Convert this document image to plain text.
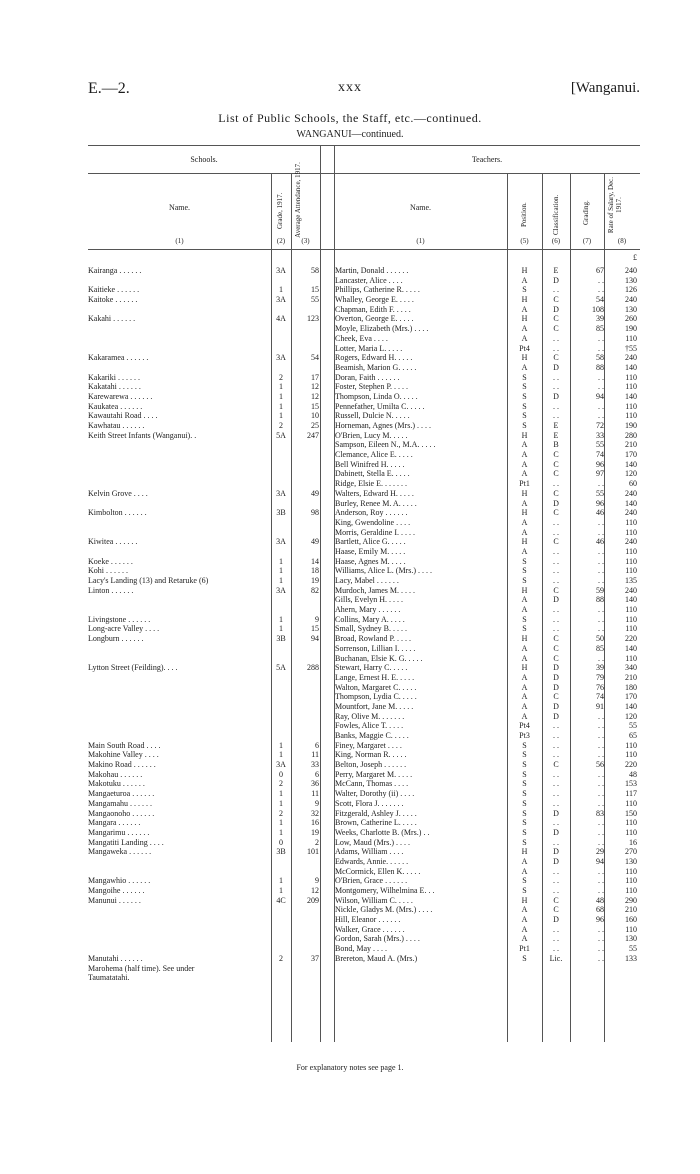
E.—2.	xxx	[Wanganui.
List of Public Schools, the Staff, etc.—continued.
WANGANUI—continued.
Schools.	Teachers.
Name.	Grade, 1917. Average Attendance, 1917.	Name.	Position.	Classification.	Grading. Rate of Salary, Dec. 1917.
(1)	(2)	(3)	(1)	(5)	(6)	(7)	(8)
£
Kairanga . . . . . .	3A	58 Martin, Donald . . . . . .	H	E	67	240
Lancaster, Alice . . . .	A	D	. .	130
Kaitieke . . . . . .	1	15 Phillips, Catherine R. . . . .	S	. .	. .	126
Kaitoke . . . . . .	3A	55 Whalley, George E. . . . .	H	C	54	240
Chapman, Edith F. . . . .	A	D	108	130
Kakahi . . . . . .	4A	123 Overton, George E. . . . .	H	C	39	260
Moyle, Elizabeth (Mrs.) . . . .	A	C	85	190
Cheek, Eva . . . .	A	. .	. .	110
Lotter, Maria L. . . . .	Pt4	. .	. .	†55
Kakaramea . . . . . .	3A	54 Rogers, Edward H. . . . .	H	C	58	240
Beamish, Marion G. . . . .	A	D	88	140
Kakariki . . . . . .	2	17 Doran, Faith . . . . . .	S	. .	. .	110
Kakatahi . . . . . .	1	12 Foster, Stephen P. . . . .	S	. .	. .	110
Karewarewa . . . . . .	1	12 Thompson, Linda O. . . . .	S	D	94	140
Kaukatea . . . . . .	1	15 Pennefather, Umilta C. . . . .	S	. .	. .	110
Kawautahi Road . . . .	1	10 Russell, Dulcie N. . . . .	S	. .	. .	110
Kawhatau . . . . . .	2	25 Horneman, Agnes (Mrs.) . . . .	S	E	72	190
Keith Street Infants (Wanganui). .	5A	247 O'Brien, Lucy M. . . . .	H	E	33	280
Sampson, Eileen N., M.A. . . . .	A	B	55	210
Clemance, Alice E. . . . .	A	C	74	170
Bell Winifred H. . . . .	A	C	96	140
Dabinett, Stella E. . . . .	A	C	97	120
Ridge, Elsie E. . . . . . .	Pt1	. .	. .	60
Kelvin Grove . . . .	3A	49 Walters, Edward H. . . . .	H	C	55	240
Burley, Renee M. A. . . . .	A	D	96	140
Kimbolton . . . . . .	3B	98 Anderson, Roy . . . . . .	H	C	46	240
King, Gwendoline . . . .	A	. .	. .	110
Morris, Geraldine I. . . . .	A	. .	. .	110
Kiwitea . . . . . .	3A	49 Bartlett, Alice G. . . . .	H	C	46	240
Haase, Emily M. . . . .	A	. .	. .	110
Koeke . . . . . .	1	14 Haase, Agnes M. . . . .	S	. .	. .	110
Kohi . . . . . .	1	18 Williams, Alice L. (Mrs.) . . . .	S	. .	. .	110
Lacy's Landing (13) and Retaruke (6)	1	19 Lacy, Mabel . . . . . .	S	. .	. .	135
Linton . . . . . .	3A	82 Murdoch, James M. . . . .	H	C	59	240
Gills, Evelyn H. . . . .	A	D	88	140
Ahern, Mary . . . . . .	A	. .	. .	110
Livingstone . . . . . .	1	9 Collins, Mary A. . . . .	S	. .	. .	110
Long-acre Valley . . . .	1	15 Small, Sydney B. . . . .	S	. .	. .	110
Longburn . . . . . .	3B	94 Broad, Rowland P. . . . .	H	C	50	220
Sorrenson, Lillian I. . . . .	A	C	85	140
Buchanan, Elsie K. G. . . . .	A	C	. .	110
Lytton Street (Feilding). . . .	5A	288 Stewart, Harry C. . . . .	H	D	39	340
Lange, Ernest H. E. . . . .	A	D	79	210
Walton, Margaret C. . . . .	A	D	76	180
Thompson, Lydia C. . . . .	A	C	74	170
Mountfort, Jane M. . . . .	A	D	91	140
Ray, Olive M. . . . . . .	A	D	. .	120
Fowles, Alice T. . . . .	Pt4	. .	. .	55
Banks, Maggie C. . . . .	Pt3	. .	. .	65
Main South Road . . . .	1	6 Finey, Margaret . . . .	S	. .	. .	110
Makohine Valley . . . .	1	11 King, Norman R. . . . .	S	. .	. .	110
Makino Road . . . . . .	3A	33 Belton, Joseph . . . . . .	S	C	56	220
Makohau . . . . . .	0	6 Perry, Margaret M. . . . .	S	. .	. .	48
Makotuku . . . . . .	2	36 McCann, Thomas . . . .	S	. .	. .	153
Mangaeturoa . . . . . .	1	11 Walter, Dorothy (ii) . . . .	S	. .	. .	117
Mangamahu . . . . . .	1	9 Scott, Flora J. . . . . . .	S	. .	. .	110
Mangaonoho . . . . . .	2	32 Fitzgerald, Ashley J. . . . .	S	D	83	150
Mangara . . . . . .	1	16 Brown, Catherine L. . . . .	S	. .	. .	110
Mangarimu . . . . . .	1	19 Weeks, Charlotte B. (Mrs.) . .	S	D	. .	110
Mangatiti Landing . . . .	0	2 Low, Maud (Mrs.) . . . .	S	. .	. .	16
Mangaweka . . . . . .	3B	101 Adams, William . . . .	H	D	29	270
Edwards, Annie. . . . . .	A	D	94	130
McCormick, Ellen K. . . . .	A	. .	. .	110
Mangawhio . . . . . .	1	9 O'Brien, Grace . . . . . .	S	. .	. .	110
Mangoihe . . . . . .	1	12 Montgomery, Wilhelmina E. . .	S	. .	. .	110
Manunui . . . . . .	4C	209 Wilson, William C. . . . .	H	C	48	290
Nickle, Gladys M. (Mrs.) . . . .	A	C	68	210
Hill, Eleanor . . . . . .	A	D	96	160
Walker, Grace . . . . . .	A	. .	. .	110
Gordon, Sarah (Mrs.) . . . .	A	. .	. .	130
Bond, May . . . .	Pt1	. .	. .	55
Manutahi . . . . . .	2	37 Brereton, Maud A. (Mrs.)	S	Lic.	. .	133
Marohema (half time). See under
Taumatatahi.
For explanatory notes see page 1.
